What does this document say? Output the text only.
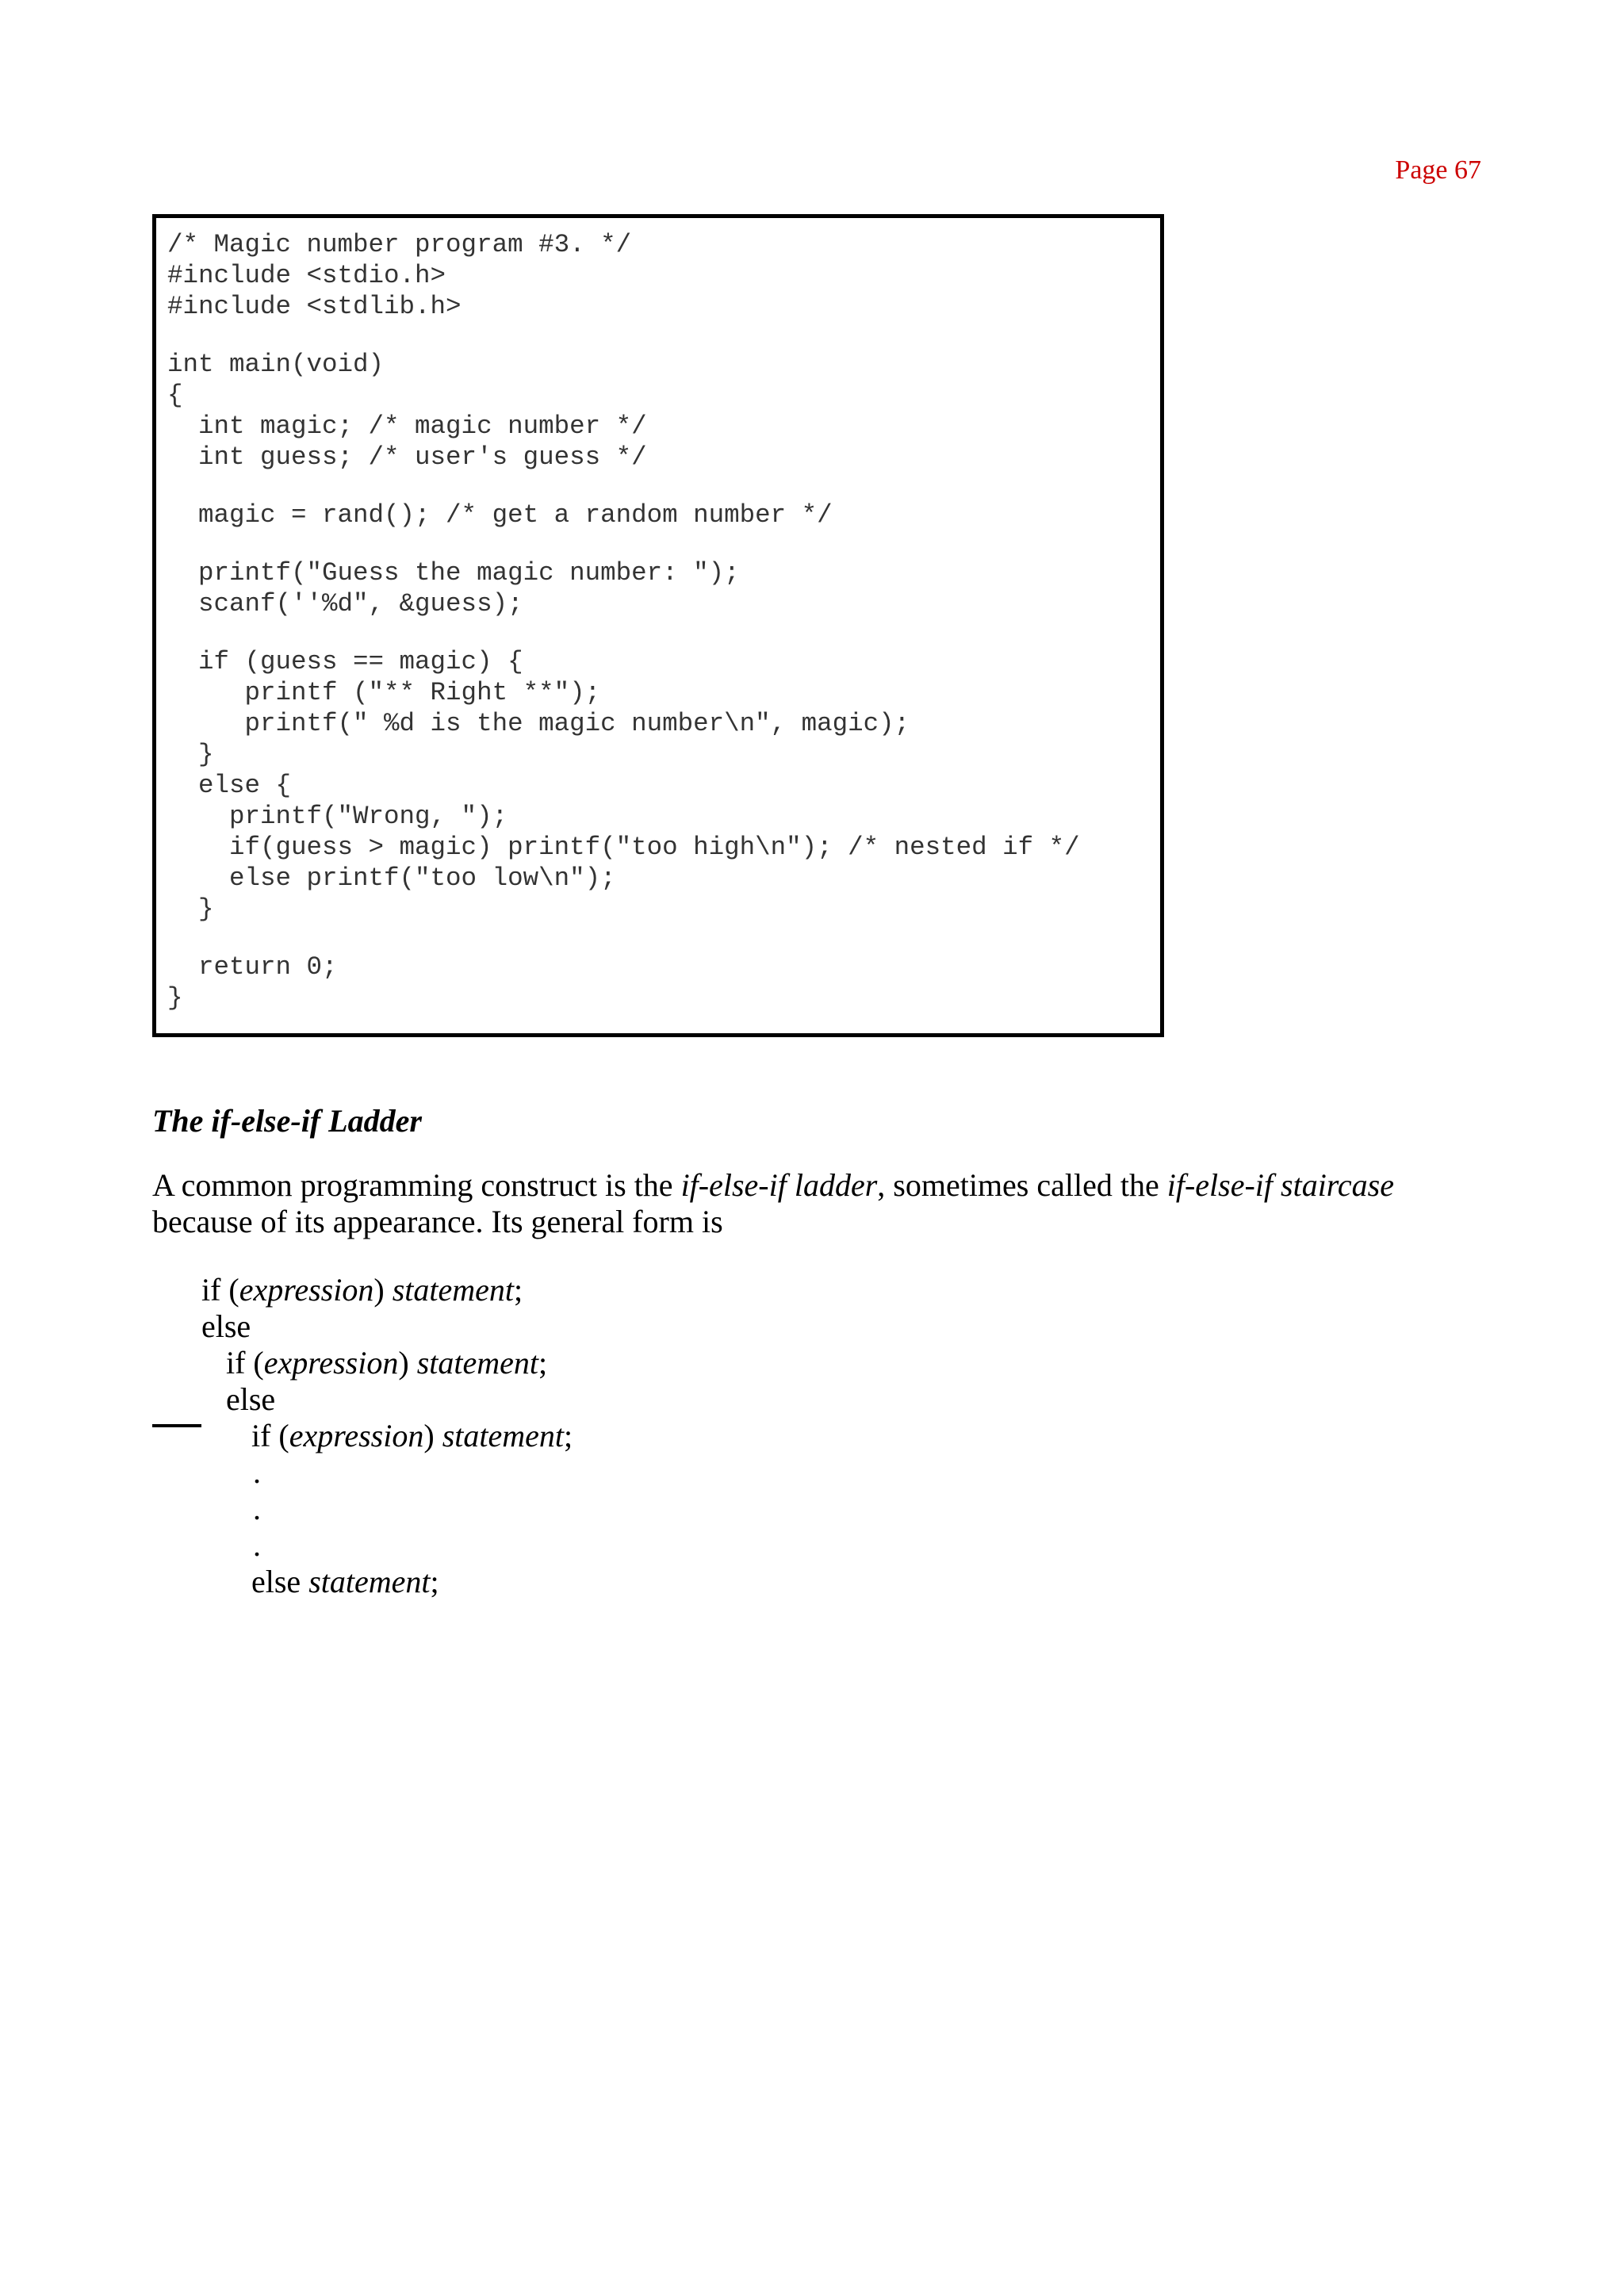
Page 67
/* Magic number program #3. */
#include <stdio.h>
#include <stdlib.h>
int main(void)
{
int magic; /* magic number */
int guess; /* user's guess */
magic = rand(); /* get a random number */
printf("Guess the magic number: ");
scanf(''%d", &guess);
if (guess == magic) {
printf ("** Right **");
printf(" %d is the magic number\n", magic);
}
else {
printf("Wrong, ");
if(guess > magic) printf("too high\n"); /* nested if */
else printf("too low\n");
}
return 0;
}
The if-else-if Ladder
A common programming construct is the if-else-if ladder, sometimes called the if-else-if staircase because of its appearance. Its general form is
if (expression) statement;
else
if (expression) statement;
else
if (expression) statement;
.
.
.
else statement;
